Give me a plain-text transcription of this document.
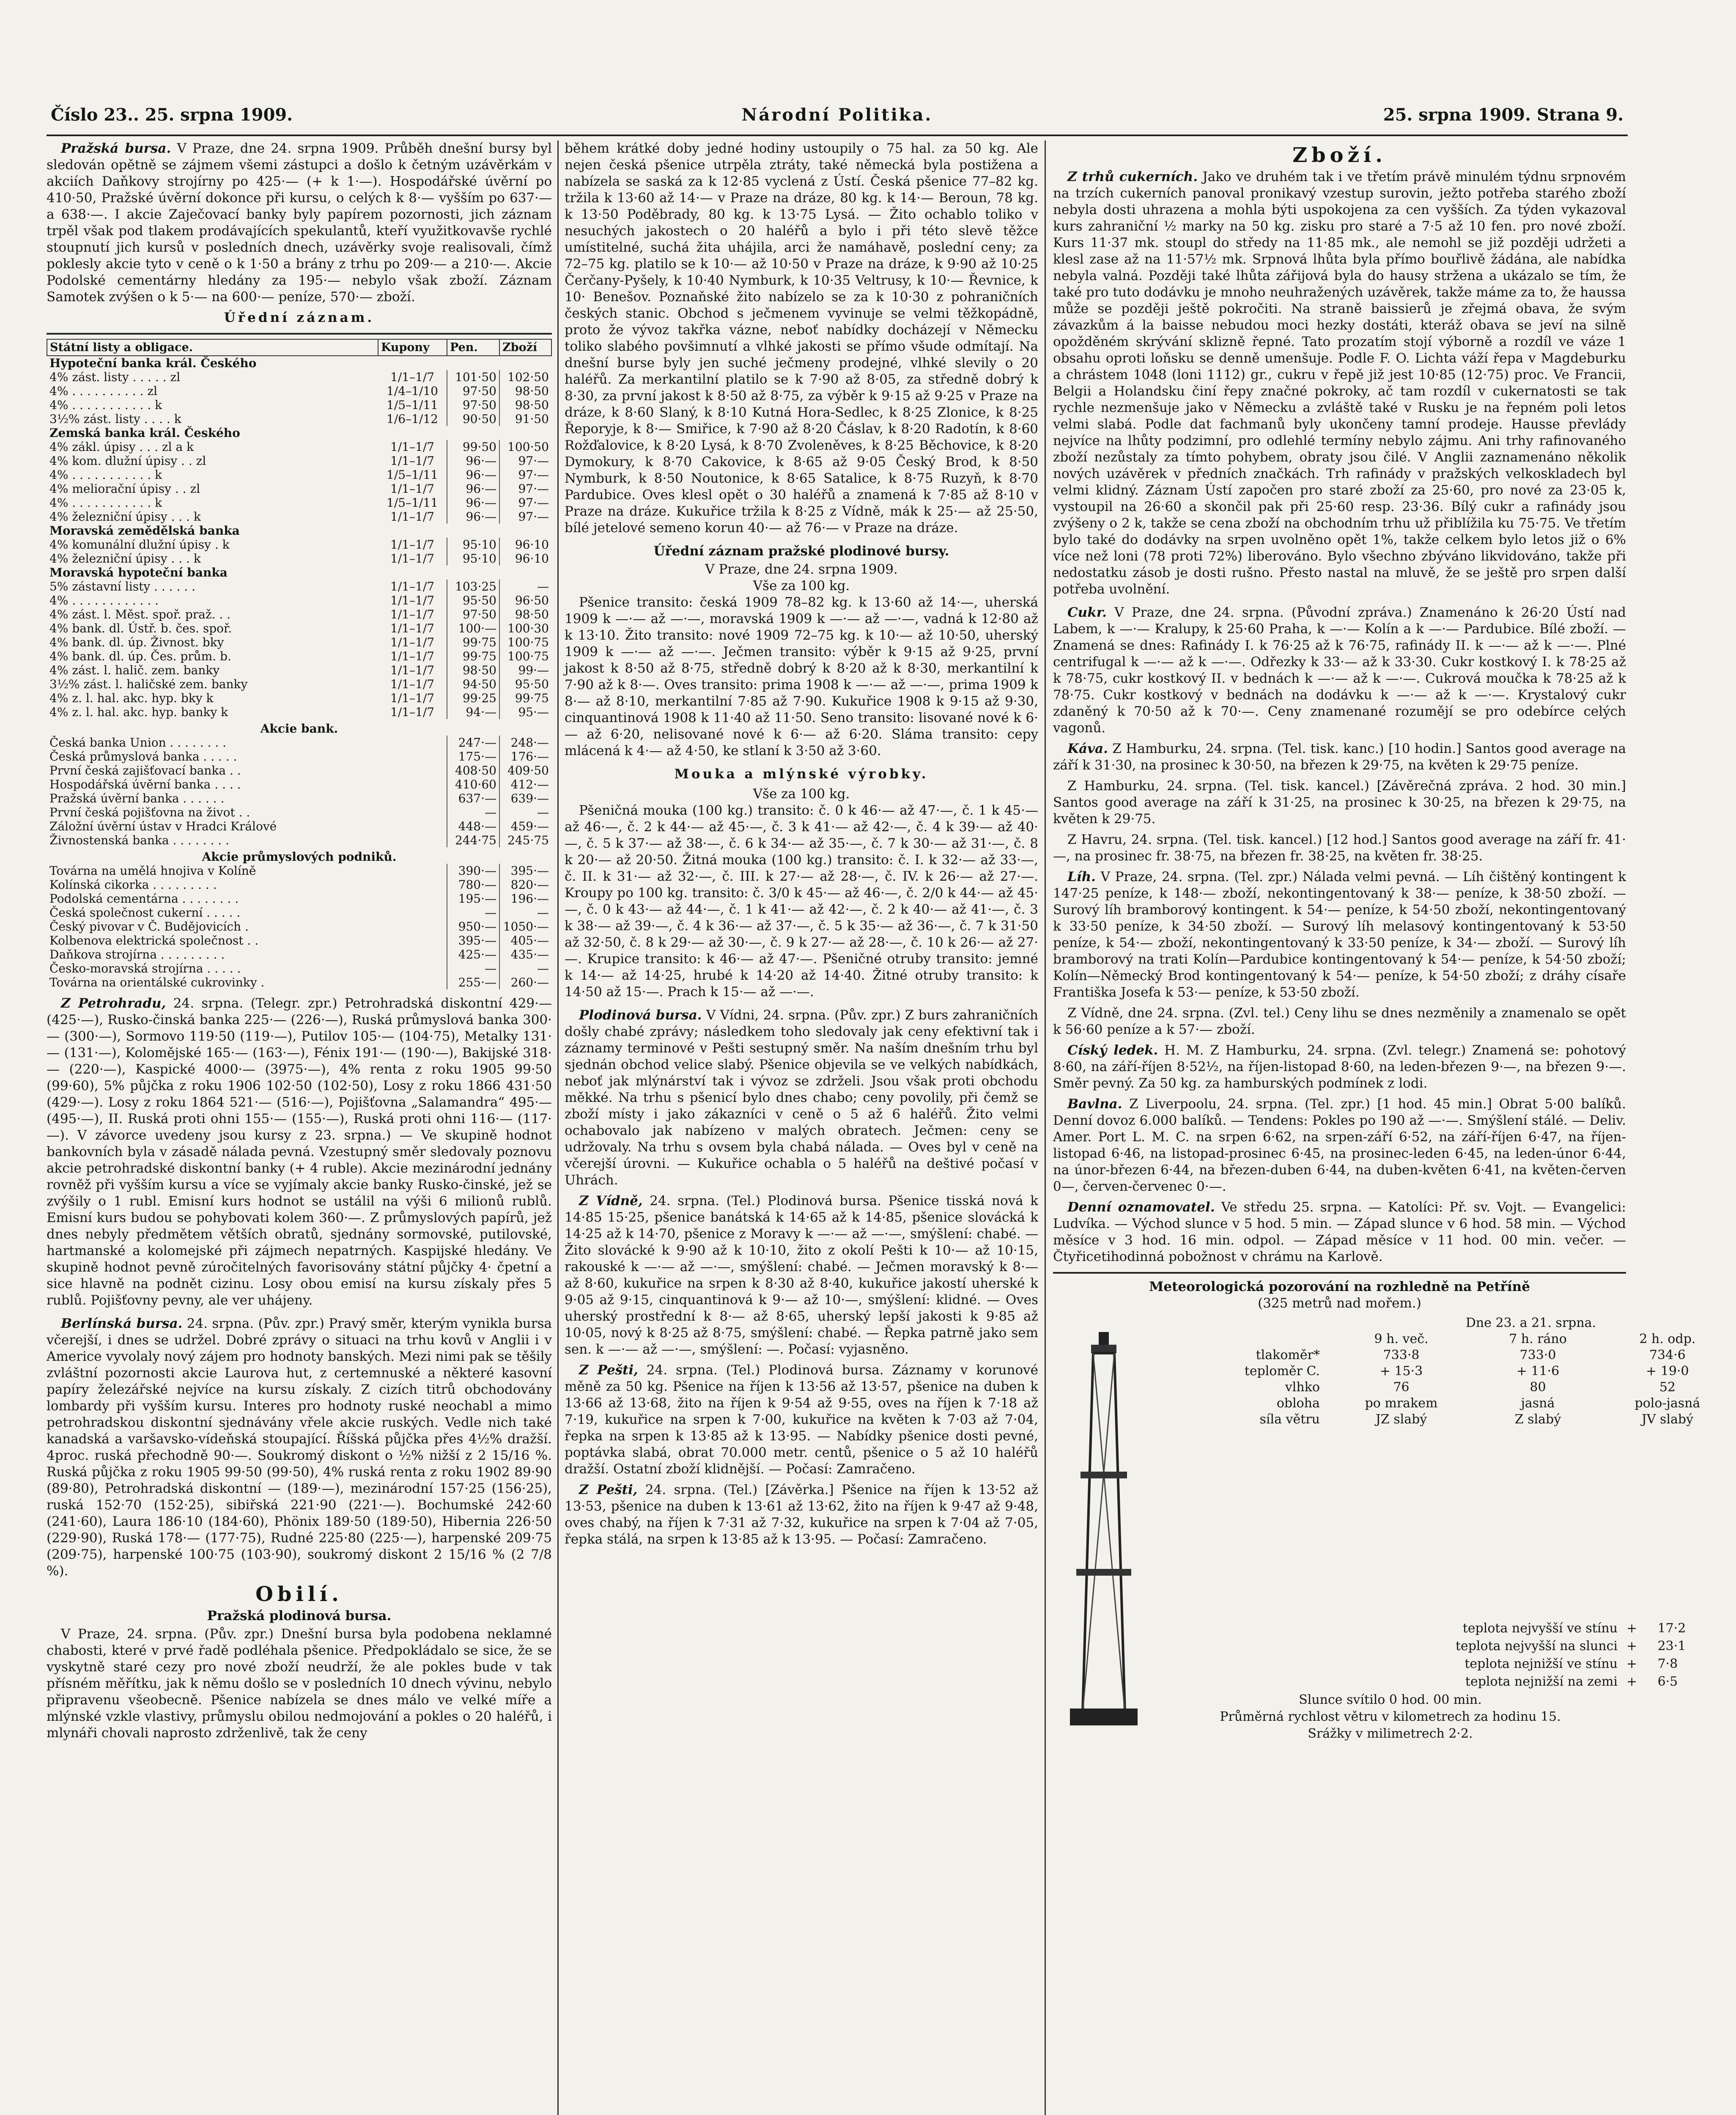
Číslo 23.. 25. srpna 1909.	Národní Politika.	25. srpna 1909. Strana 9.

Pražská bursa. V Praze, dne 24. srpna 1909. Průběh dnešní bursy byl sledován opětně se zájmem všemi zástupci a došlo k četným uzávěrkám v akciích Daňkovy strojírny po 425·— (+ k 1·—). Hospodářské úvěrní po 410·50, Pražské úvěrní dokonce při kursu, o celých k 8·— vyšším po 637·— a 638·—. I akcie Zaječovací banky byly papírem pozornosti, jich záznam trpěl však pod tlakem prodávajících spekulantů, kteří využitkovavše rychlé stoupnutí jich kursů v posledních dnech, uzávěrky svoje realisovali, čímž poklesly akcie tyto v ceně o k 1·50 a brány z trhu po 209·— a 210·—. Akcie Podolské cementárny hledány za 195·— nebylo však zboží. Záznam Samotek zvýšen o k 5·— na 600·— peníze, 570·— zboží.

Úřední záznam.
Státní listy a obligace.	Kupony	Pen.	Zboží
Hypoteční banka král. Českého			
4% zást. listy . . . . . zl	1/1–1/7	101·50	102·50
4% . . . . . . . . . . zl	1/4–1/10	97·50	98·50
4% . . . . . . . . . . . k	1/5–1/11	97·50	98·50
3½% zást. listy . . . . k	1/6–1/12	90·50	91·50
Zemská banka král. Českého			
4% zákl. úpisy . . . zl a k	1/1–1/7	99·50	100·50
4% kom. dlužní úpisy . . zl	1/1–1/7	96·—	97·—
4% . . . . . . . . . . . k	1/5–1/11	96·—	97·—
4% meliorační úpisy . . zl	1/1–1/7	96·—	97·—
4% . . . . . . . . . . . k	1/5–1/11	96·—	97·—
4% železniční úpisy . . . k	1/1–1/7	96·—	97·—
Moravská zemědělská banka			
4% komunální dlužní úpisy . k	1/1–1/7	95·10	96·10
4% železniční úpisy . . . k	1/1–1/7	95·10	96·10
Moravská hypoteční banka			
5% zástavní listy . . . . . .	1/1–1/7	103·25	—
4% . . . . . . . . . . . .	1/1–1/7	95·50	96·50
4% zást. l. Měst. spoř. praž. . .	1/1–1/7	97·50	98·50
4% bank. dl. Ústř. b. čes. spoř.	1/1–1/7	100·—	100·30
4% bank. dl. úp. Živnost. bky	1/1–1/7	99·75	100·75
4% bank. dl. úp. Čes. prům. b.	1/1–1/7	99·75	100·75
4% zást. l. halič. zem. banky	1/1–1/7	98·50	99·—
3½% zást. l. haličské zem. banky	1/1–1/7	94·50	95·50
4% z. l. hal. akc. hyp. bky k	1/1–1/7	99·25	99·75
4% z. l. hal. akc. hyp. banky k	1/1–1/7	94·—	95·—
Akcie bank.			
Česká banka Union . . . . . . . .		247·—	248·—
Česká průmyslová banka . . . . .		175·—	176·—
První česká zajišťovací banka . .		408·50	409·50
Hospodářská úvěrní banka . . . .		410·60	412·—
Pražská úvěrní banka . . . . . .		637·—	639·—
První česká pojišťovna na život . .		—	—
Záložní úvěrní ústav v Hradci Králové		448·—	459·—
Živnostenská banka . . . . . . . .		244·75	245·75
Akcie průmyslových podniků.			
Továrna na umělá hnojiva v Kolíně		390·—	395·—
Kolínská cikorka . . . . . . . . .		780·—	820·—
Podolská cementárna . . . . . . . .		195·—	196·—
Česká společnost cukerní . . . . .		—	—
Český pivovar v Č. Budějovicích .		950·—	1050·—
Kolbenova elektrická společnost . .		395·—	405·—
Daňkova strojírna . . . . . . . . .		425·—	435·—
Česko-moravská strojírna . . . . .		—	—
Továrna na orientálské cukrovinky .		255·—	260·—

Z Petrohradu, 24. srpna. (Telegr. zpr.) Petrohradská diskontní 429·— (425·—), Rusko-činská banka 225·— (226·—), Ruská průmyslová banka 300·— (300·—), Sormovo 119·50 (119·—), Putilov 105·— (104·75), Metalky 131·— (131·—), Kolomějské 165·— (163·—), Fénix 191·— (190·—), Bakijské 318·— (220·—), Kaspické 4000·— (3975·—), 4% renta z roku 1905 99·50 (99·60), 5% půjčka z roku 1906 102·50 (102·50), Losy z roku 1866 431·50 (429·—). Losy z roku 1864 521·— (516·—), Pojišťovna „Salamandra“ 495·— (495·—), II. Ruská proti ohni 155·— (155·—), Ruská proti ohni 116·— (117·—). V závorce uvedeny jsou kursy z 23. srpna.) — Ve skupině hodnot bankovních byla v zásadě nálada pevná. Vzestupný směr sledovaly poznovu akcie petrohradské diskontní banky (+ 4 ruble). Akcie mezinárodní jednány rovněž při vyšším kursu a více se vyjímaly akcie banky Rusko-činské, jež se zvýšily o 1 rubl. Emisní kurs hodnot se ustálil na výši 6 milionů rublů. Emisní kurs budou se pohybovati kolem 360·—. Z průmyslových papírů, jež dnes nebyly předmětem větších obratů, sjednány sormovské, putilovské, hartmanské a kolomejské při zájmech nepatrných. Kaspijské hledány. Ve skupině hodnot pevně zúročitelných favorisovány státní půjčky 4· čpetní a sice hlavně na podnět cizinu. Losy obou emisí na kursu získaly přes 5 rublů. Pojišťovny pevny, ale ver uhájeny.

Berlínská bursa. 24. srpna. (Pův. zpr.) Pravý směr, kterým vynikla bursa včerejší, i dnes se udržel. Dobré zprávy o situaci na trhu kovů v Anglii i v Americe vyvolaly nový zájem pro hodnoty banských. Mezi nimi pak se těšily zvláštní pozornosti akcie Laurova hut, z certemnuské a některé kasovní papíry železářské nejvíce na kursu získaly. Z cizích titrů obchodovány lombardy při vyšším kursu. Interes pro hodnoty ruské neochabl a mimo petrohradskou diskontní sjednávány vřele akcie ruských. Vedle nich také kanadská a varšavsko-vídeňská stoupající. Říšská půjčka přes 4½% dražší. 4proc. ruská přechodně 90·—. Soukromý diskont o ½% nižší z 2 15/16 %. Ruská půjčka z roku 1905 99·50 (99·50), 4% ruská renta z roku 1902 89·90 (89·80), Petrohradská diskontní — (189·—), mezinárodní 157·25 (156·25), ruská 152·70 (152·25), sibiřská 221·90 (221·—). Bochumské 242·60 (241·60), Laura 186·10 (184·60), Phönix 189·50 (189·50), Hibernia 226·50 (229·90), Ruská 178·— (177·75), Rudné 225·80 (225·—), harpenské 209·75 (209·75), harpenské 100·75 (103·90), soukromý diskont 2 15/16 % (2 7/8 %).

Obilí.
Pražská plodinová bursa.

V Praze, 24. srpna. (Pův. zpr.) Dnešní bursa byla podobena neklamné chabosti, které v prvé řadě podléhala pšenice. Předpokládalo se sice, že se vyskytně staré cezy pro nové zboží neudrží, že ale pokles bude v tak přísném měřítku, jak k němu došlo se v posledních 10 dnech vývinu, nebylo připravenu všeobecně. Pšenice nabízela se dnes málo ve velké míře a mlýnské vzkle vlastivy, průmyslu obilou nedmojování a pokles o 20 haléřů, i mlynáři chovali naprosto zdrženlivě, tak že ceny

během krátké doby jedné hodiny ustoupily o 75 hal. za 50 kg. Ale nejen česká pšenice utrpěla ztráty, také německá byla postižena a nabízela se saská za k 12·85 vyclená z Ústí. Česká pšenice 77–82 kg. tržila k 13·60 až 14·— v Praze na dráze, 80 kg. k 14·— Beroun, 78 kg. k 13·50 Poděbrady, 80 kg. k 13·75 Lysá. — Žito ochablo toliko v nesuchých jakostech o 20 haléřů a bylo i při této slevě těžce umístitelné, suchá žita uhájila, arci že namáhavě, poslední ceny; za 72–75 kg. platilo se k 10·— až 10·50 v Praze na dráze, k 9·90 až 10·25 Čerčany-Pyšely, k 10·40 Nymburk, k 10·35 Veltrusy, k 10·— Řevnice, k 10· Benešov. Poznaňské žito nabízelo se za k 10·30 z pohraničních českých stanic. Obchod s ječmenem vyvinuje se velmi těžkopádně, proto že vývoz takřka vázne, neboť nabídky docházejí v Německu toliko slabého povšimnutí a vlhké jakosti se přímo všude odmítají. Na dnešní burse byly jen suché ječmeny prodejné, vlhké slevily o 20 haléřů. Za merkantilní platilo se k 7·90 až 8·05, za středně dobrý k 8·30, za první jakost k 8·50 až 8·75, za výběr k 9·15 až 9·25 v Praze na dráze, k 8·60 Slaný, k 8·10 Kutná Hora-Sedlec, k 8·25 Zlonice, k 8·25 Řeporyje, k 8·— Smiřice, k 7·90 až 8·20 Čáslav, k 8·20 Radotín, k 8·60 Rožďalovice, k 8·20 Lysá, k 8·70 Zvoleněves, k 8·25 Běchovice, k 8·20 Dymokury, k 8·70 Cakovice, k 8·65 až 9·05 Český Brod, k 8·50 Nymburk, k 8·50 Noutonice, k 8·65 Satalice, k 8·75 Ruzyň, k 8·70 Pardubice. Oves klesl opět o 30 haléřů a znamená k 7·85 až 8·10 v Praze na dráze. Kukuřice tržila k 8·25 z Vídně, mák k 25·— až 25·50, bílé jetelové semeno korun 40·— až 76·— v Praze na dráze.

Úřední záznam pražské plodinové bursy.
V Praze, dne 24. srpna 1909.
Vše za 100 kg.

Pšenice transito: česká 1909 78–82 kg. k 13·60 až 14·—, uherská 1909 k —·— až —·—, moravská 1909 k —·— až —·—, vadná k 12·80 až k 13·10. Žito transito: nové 1909 72–75 kg. k 10·— až 10·50, uherský 1909 k —·— až —·—. Ječmen transito: výběr k 9·15 až 9·25, první jakost k 8·50 až 8·75, středně dobrý k 8·20 až k 8·30, merkantilní k 7·90 až k 8·—. Oves transito: prima 1908 k —·— až —·—, prima 1909 k 8·— až 8·10, merkantilní 7·85 až 7·90. Kukuřice 1908 k 9·15 až 9·30, cinquantinová 1908 k 11·40 až 11·50. Seno transito: lisované nové k 6·— až 6·20, nelisované nové k 6·— až 6·20. Sláma transito: cepy mlácená k 4·— až 4·50, ke stlaní k 3·50 až 3·60.

Mouka a mlýnské výrobky.
Vše za 100 kg.

Pšeničná mouka (100 kg.) transito: č. 0 k 46·— až 47·—, č. 1 k 45·— až 46·—, č. 2 k 44·— až 45·—, č. 3 k 41·— až 42·—, č. 4 k 39·— až 40·—, č. 5 k 37·— až 38·—, č. 6 k 34·— až 35·—, č. 7 k 30·— až 31·—, č. 8 k 20·— až 20·50. Žitná mouka (100 kg.) transito: č. I. k 32·— až 33·—, č. II. k 31·— až 32·—, č. III. k 27·— až 28·—, č. IV. k 26·— až 27·—. Kroupy po 100 kg. transito: č. 3/0 k 45·— až 46·—, č. 2/0 k 44·— až 45·—, č. 0 k 43·— až 44·—, č. 1 k 41·— až 42·—, č. 2 k 40·— až 41·—, č. 3 k 38·— až 39·—, č. 4 k 36·— až 37·—, č. 5 k 35·— až 36·—, č. 7 k 31·50 až 32·50, č. 8 k 29·— až 30·—, č. 9 k 27·— až 28·—, č. 10 k 26·— až 27·—. Krupice transito: k 46·— až 47·—. Pšeničné otruby transito: jemné k 14·— až 14·25, hrubé k 14·20 až 14·40. Žitné otruby transito: k 14·50 až 15·—. Prach k 15·— až —·—.

Plodinová bursa. V Vídni, 24. srpna. (Pův. zpr.) Z burs zahraničních došly chabé zprávy; následkem toho sledovaly jak ceny efektivní tak i záznamy terminové v Pešti sestupný směr. Na naším dnešním trhu byl sjednán obchod velice slabý. Pšenice objevila se ve velkých nabídkách, neboť jak mlýnárství tak i vývoz se zdrželi. Jsou však proti obchodu měkké. Na trhu s pšenicí bylo dnes chabo; ceny povolily, při čemž se zboží místy i jako zákazníci v ceně o 5 až 6 haléřů. Žito velmi ochabovalo jak nabízeno v malých obratech. Ječmen: ceny se udržovaly. Na trhu s ovsem byla chabá nálada. — Oves byl v ceně na včerejší úrovni. — Kukuřice ochabla o 5 haléřů na deštivé počasí v Uhrách.

Z Vídně, 24. srpna. (Tel.) Plodinová bursa. Pšenice tisská nová k 14·85 15·25, pšenice banátská k 14·65 až k 14·85, pšenice slovácká k 14·25 až k 14·70, pšenice z Moravy k —·— až —·—, smýšlení: chabé. — Žito slovácké k 9·90 až k 10·10, žito z okolí Pešti k 10·— až 10·15, rakouské k —·— až —·—, smýšlení: chabé. — Ječmen moravský k 8·— až 8·60, kukuřice na srpen k 8·30 až 8·40, kukuřice jakostí uherské k 9·05 až 9·15, cinquantinová k 9·— až 10·—, smýšlení: klidné. — Oves uherský prostřední k 8·— až 8·65, uherský lepší jakosti k 9·85 až 10·05, nový k 8·25 až 8·75, smýšlení: chabé. — Řepka patrně jako sem sen. k —·— až —·—, smýšlení: —. Počasí: vyjasněno.

Z Pešti, 24. srpna. (Tel.) Plodinová bursa. Záznamy v korunové měně za 50 kg. Pšenice na říjen k 13·56 až 13·57, pšenice na duben k 13·66 až 13·68, žito na říjen k 9·54 až 9·55, oves na říjen k 7·18 až 7·19, kukuřice na srpen k 7·00, kukuřice na květen k 7·03 až 7·04, řepka na srpen k 13·85 až k 13·95. — Nabídky pšenice dosti pevné, poptávka slabá, obrat 70.000 metr. centů, pšenice o 5 až 10 haléřů dražší. Ostatní zboží klidnější. — Počasí: Zamračeno.

Z Pešti, 24. srpna. (Tel.) [Závěrka.] Pšenice na říjen k 13·52 až 13·53, pšenice na duben k 13·61 až 13·62, žito na říjen k 9·47 až 9·48, oves chabý, na říjen k 7·31 až 7·32, kukuřice na srpen k 7·04 až 7·05, řepka stálá, na srpen k 13·85 až k 13·95. — Počasí: Zamračeno.

Zboží.

Z trhů cukerních. Jako ve druhém tak i ve třetím právě minulém týdnu srpnovém na trzích cukerních panoval pronikavý vzestup surovin, ježto potřeba starého zboží nebyla dosti uhrazena a mohla býti uspokojena za cen vyšších. Za týden vykazoval kurs zahraniční ½ marky na 50 kg. zisku pro staré a 7·5 až 10 fen. pro nové zboží. Kurs 11·37 mk. stoupl do středy na 11·85 mk., ale nemohl se již později udržeti a klesl zase až na 11·57½ mk. Srpnová lhůta byla přímo bouřlivě žádána, ale nabídka nebyla valná. Později také lhůta zářijová byla do hausy stržena a ukázalo se tím, že také pro tuto dodávku je mnoho neuhražených uzávěrek, takže máme za to, že haussa může se později ještě pokročiti. Na straně baissierů je zřejmá obava, že svým závazkům á la baisse nebudou moci hezky dostáti, kteráž obava se jeví na silně opožděném skrývání sklizně řepné. Tato prozatím stojí výborně a rozdíl ve váze 1 obsahu oproti loňsku se denně umenšuje. Podle F. O. Lichta váží řepa v Magdeburku a chrástem 1048 (loni 1112) gr., cukru v řepě již jest 10·85 (12·75) proc. Ve Francii, Belgii a Holandsku činí řepy značné pokroky, ač tam rozdíl v cukernatosti se tak rychle nezmenšuje jako v Německu a zvláště také v Rusku je na řepném poli letos velmi slabá. Podle dat fachmanů byly ukončeny tamní prodeje. Hausse převlády nejvíce na lhůty podzimní, pro odlehlé termíny nebylo zájmu. Ani trhy rafinovaného zboží nezůstaly za tímto pohybem, obraty jsou čilé. V Anglii zaznamenáno několik nových uzávěrek v předních značkách. Trh rafinády v pražských velkoskladech byl velmi klidný. Záznam Ústí započen pro staré zboží za 25·60, pro nové za 23·05 k, vystoupil na 26·60 a skončil pak při 25·60 resp. 23·36. Bílý cukr a rafinády jsou zvýšeny o 2 k, takže se cena zboží na obchodním trhu už přiblížila ku 75·75. Ve třetím bylo také do dodávky na srpen uvolněno opět 1%, takže celkem bylo letos již o 6% více než loni (78 proti 72%) liberováno. Bylo všechno zbýváno likvidováno, takže při nedostatku zásob je dosti rušno. Přesto nastal na mluvě, že se ještě pro srpen další potřeba uvolnění.

Cukr. V Praze, dne 24. srpna. (Původní zpráva.) Znamenáno k 26·20 Ústí nad Labem, k —·— Kralupy, k 25·60 Praha, k —·— Kolín a k —·— Pardubice. Bílé zboží. — Znamená se dnes: Rafinády I. k 76·25 až k 76·75, rafinády II. k —·— až k —·—. Plné centrifugal k —·— až k —·—. Odřezky k 33·— až k 33·30. Cukr kostkový I. k 78·25 až k 78·75, cukr kostkový II. v bednách k —·— až k —·—. Cukrová moučka k 78·25 až k 78·75. Cukr kostkový v bednách na dodávku k —·— až k —·—. Krystalový cukr zdaněný k 70·50 až k 70·—. Ceny znamenané rozumějí se pro odebírce celých vagonů.

Káva. Z Hamburku, 24. srpna. (Tel. tisk. kanc.) [10 hodin.] Santos good average na září k 31·30, na prosinec k 30·50, na březen k 29·75, na květen k 29·75 peníze.

Z Hamburku, 24. srpna. (Tel. tisk. kancel.) [Závěrečná zpráva. 2 hod. 30 min.] Santos good average na září k 31·25, na prosinec k 30·25, na březen k 29·75, na květen k 29·75.

Z Havru, 24. srpna. (Tel. tisk. kancel.) [12 hod.] Santos good average na září fr. 41·—, na prosinec fr. 38·75, na březen fr. 38·25, na květen fr. 38·25.

Líh. V Praze, 24. srpna. (Tel. zpr.) Nálada velmi pevná. — Líh čištěný kontingent k 147·25 peníze, k 148·— zboží, nekontingentovaný k 38·— peníze, k 38·50 zboží. — Surový líh bramborový kontingent. k 54·— peníze, k 54·50 zboží, nekontingentovaný k 33·50 peníze, k 34·50 zboží. — Surový líh melasový kontingentovaný k 53·50 peníze, k 54·— zboží, nekontingentovaný k 33·50 peníze, k 34·— zboží. — Surový líh bramborový na trati Kolín—Pardubice kontingentovaný k 54·— peníze, k 54·50 zboží; Kolín—Německý Brod kontingentovaný k 54·— peníze, k 54·50 zboží; z dráhy císaře Františka Josefa k 53·— peníze, k 53·50 zboží.

Z Vídně, dne 24. srpna. (Zvl. tel.) Ceny lihu se dnes nezměnily a znamenalo se opět k 56·60 peníze a k 57·— zboží.

Císký ledek. H. M. Z Hamburku, 24. srpna. (Zvl. telegr.) Znamená se: pohotový 8·60, na září-říjen 8·52½, na říjen-listopad 8·60, na leden-březen 9·—, na březen 9·—. Směr pevný. Za 50 kg. za hamburských podmínek z lodi.

Bavlna. Z Liverpoolu, 24. srpna. (Tel. zpr.) [1 hod. 45 min.] Obrat 5·00 balíků. Denní dovoz 6.000 balíků. — Tendens: Pokles po 190 až —·—. Smýšlení stálé. — Deliv. Amer. Port L. M. C. na srpen 6·62, na srpen-září 6·52, na září-říjen 6·47, na říjen-listopad 6·46, na listopad-prosinec 6·45, na prosinec-leden 6·45, na leden-únor 6·44, na únor-březen 6·44, na březen-duben 6·44, na duben-květen 6·41, na květen-červen 0—, červen-červenec 0·—.

Denní oznamovatel. Ve středu 25. srpna. — Katolíci: Př. sv. Vojt. — Evangelici: Ludvíka. — Východ slunce v 5 hod. 5 min. — Západ slunce v 6 hod. 58 min. — Východ měsíce v 3 hod. 16 min. odpol. — Západ měsíce v 11 hod. 00 min. večer. — Čtyřicetihodinná pobožnost v chrámu na Karlově.

Meteorologická pozorování na rozhledně na Petříně
(325 metrů nad mořem.)
	Dne 23. a 21. srpna.		
	9 h. več.	7 h. ráno	2 h. odp.
tlakoměr*	733·8	733·0	734·6
teploměr C.	+ 15·3	+ 11·6	+ 19·0
vlhko	76	80	52
obloha	po mrakem	jasná	polo-jasná
síla větru	JZ slabý	Z slabý	JV slabý
teplota nejvyšší ve stínu	+	17·2
teplota nejvyšší na slunci	+	23·1
teplota nejnižší ve stínu	+	7·8
teplota nejnižší na zemi	+	6·5
Slunce svítilo 0 hod. 00 min.
Průměrná rychlost větru v kilometrech za hodinu 15.
Srážky v milimetrech 2·2.
